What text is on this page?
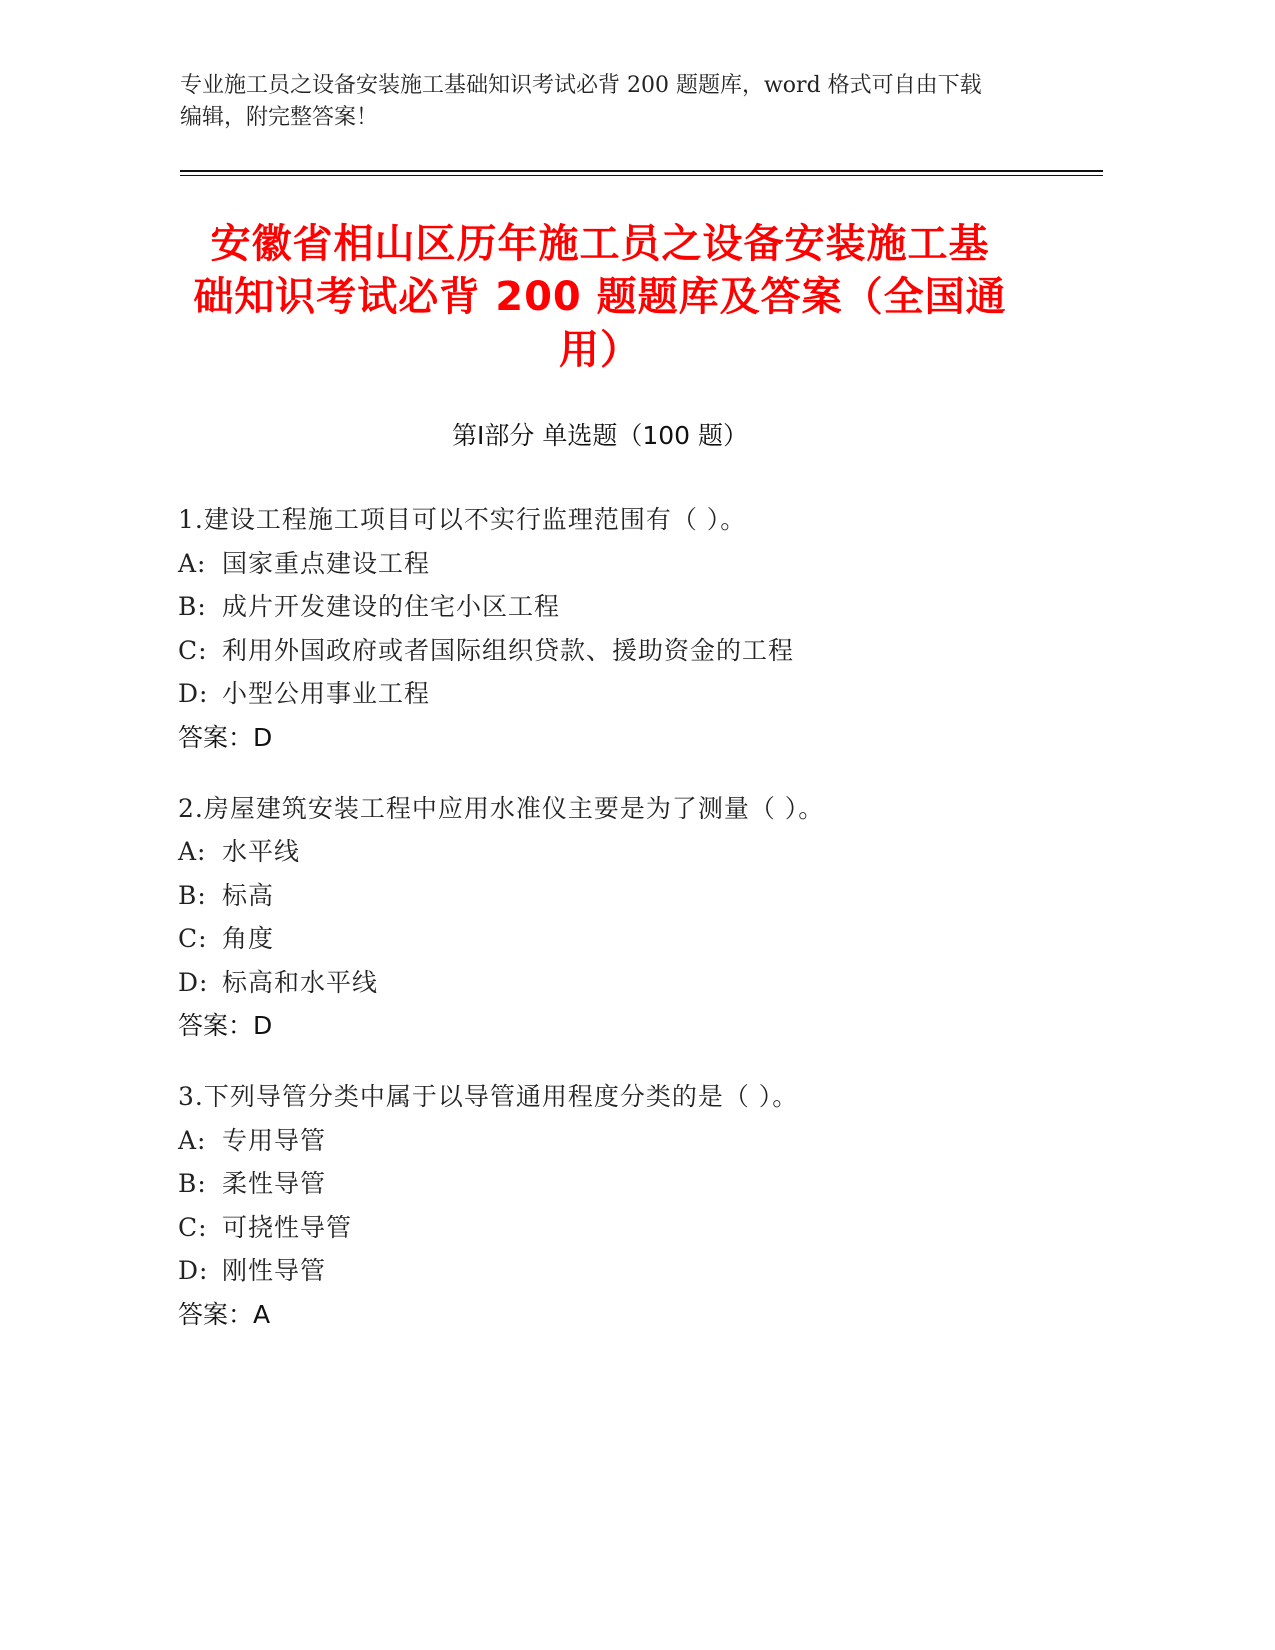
专业施工员之设备安装施工基础知识考试必背 200 题题库，word 格式可自由下载
编辑，附完整答案！
安徽省相山区历年施工员之设备安装施工基
础知识考试必背 200 题题库及答案（全国通
用）
第Ⅰ部分 单选题（100 题）
1.建设工程施工项目可以不实行监理范围有（ ）。
A: 国家重点建设工程
B: 成片开发建设的住宅小区工程
C: 利用外国政府或者国际组织贷款、援助资金的工程
D: 小型公用事业工程
答案：D
2.房屋建筑安装工程中应用水准仪主要是为了测量（ ）。
A: 水平线
B: 标高
C: 角度
D: 标高和水平线
答案：D
3.下列导管分类中属于以导管通用程度分类的是（ ）。
A: 专用导管
B: 柔性导管
C: 可挠性导管
D: 刚性导管
答案：A
